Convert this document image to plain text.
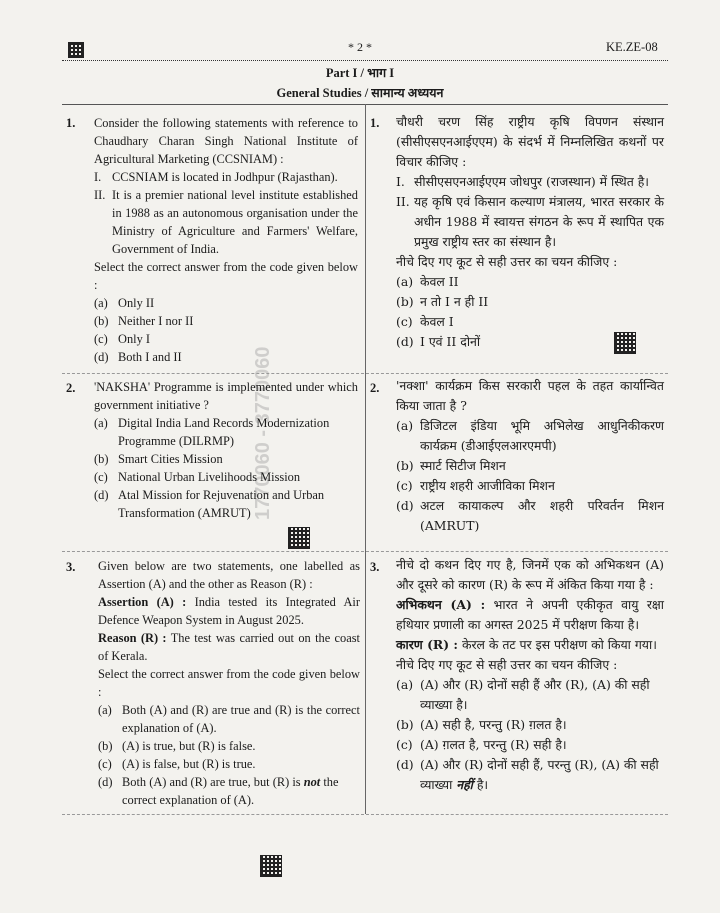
* 2 *	KE.ZE-08
Part I / भाग I
General Studies / सामान्य अध्ययन
1770060 - 3770060
1. Consider the following statements with reference to Chaudhary Charan Singh National Institute of Agricultural Marketing (CCSNIAM) :
I. CCSNIAM is located in Jodhpur (Rajasthan).
II. It is a premier national level institute established in 1988 as an autonomous organisation under the Ministry of Agriculture and Farmers' Welfare, Government of India.
Select the correct answer from the code given below :
(a) Only II
(b) Neither I nor II
(c) Only I
(d) Both I and II
1. चौधरी चरण सिंह राष्ट्रीय कृषि विपणन संस्थान (सीसीएसएनआईएएम) के संदर्भ में निम्नलिखित कथनों पर विचार कीजिए :
I. सीसीएसएनआईएएम जोधपुर (राजस्थान) में स्थित है।
II. यह कृषि एवं किसान कल्याण मंत्रालय, भारत सरकार के अधीन 1988 में स्वायत्त संगठन के रूप में स्थापित एक प्रमुख राष्ट्रीय स्तर का संस्थान है।
नीचे दिए गए कूट से सही उत्तर का चयन कीजिए :
(a) केवल II
(b) न तो I न ही II
(c) केवल I
(d) I एवं II दोनों
2. 'NAKSHA' Programme is implemented under which government initiative ?
(a) Digital India Land Records Modernization Programme (DILRMP)
(b) Smart Cities Mission
(c) National Urban Livelihoods Mission
(d) Atal Mission for Rejuvenation and Urban Transformation (AMRUT)
2. 'नक्शा' कार्यक्रम किस सरकारी पहल के तहत कार्यान्वित किया जाता है ?
(a) डिजिटल इंडिया भूमि अभिलेख आधुनिकीकरण कार्यक्रम (डीआईएलआरएमपी)
(b) स्मार्ट सिटीज मिशन
(c) राष्ट्रीय शहरी आजीविका मिशन
(d) अटल कायाकल्प और शहरी परिवर्तन मिशन (AMRUT)
3. Given below are two statements, one labelled as Assertion (A) and the other as Reason (R) :
Assertion (A) : India tested its Integrated Air Defence Weapon System in August 2025.
Reason (R) : The test was carried out on the coast of Kerala.
Select the correct answer from the code given below :
(a) Both (A) and (R) are true and (R) is the correct explanation of (A).
(b) (A) is true, but (R) is false.
(c) (A) is false, but (R) is true.
(d) Both (A) and (R) are true, but (R) is not the correct explanation of (A).
3. नीचे दो कथन दिए गए है, जिनमें एक को अभिकथन (A) और दूसरे को कारण (R) के रूप में अंकित किया गया है :
अभिकथन (A) : भारत ने अपनी एकीकृत वायु रक्षा हथियार प्रणाली का अगस्त 2025 में परीक्षण किया है।
कारण (R) : केरल के तट पर इस परीक्षण को किया गया।
नीचे दिए गए कूट से सही उत्तर का चयन कीजिए :
(a) (A) और (R) दोनों सही हैं और (R), (A) की सही व्याख्या है।
(b) (A) सही है, परन्तु (R) ग़लत है।
(c) (A) ग़लत है, परन्तु (R) सही है।
(d) (A) और (R) दोनों सही हैं, परन्तु (R), (A) की सही व्याख्या नहीं है।
